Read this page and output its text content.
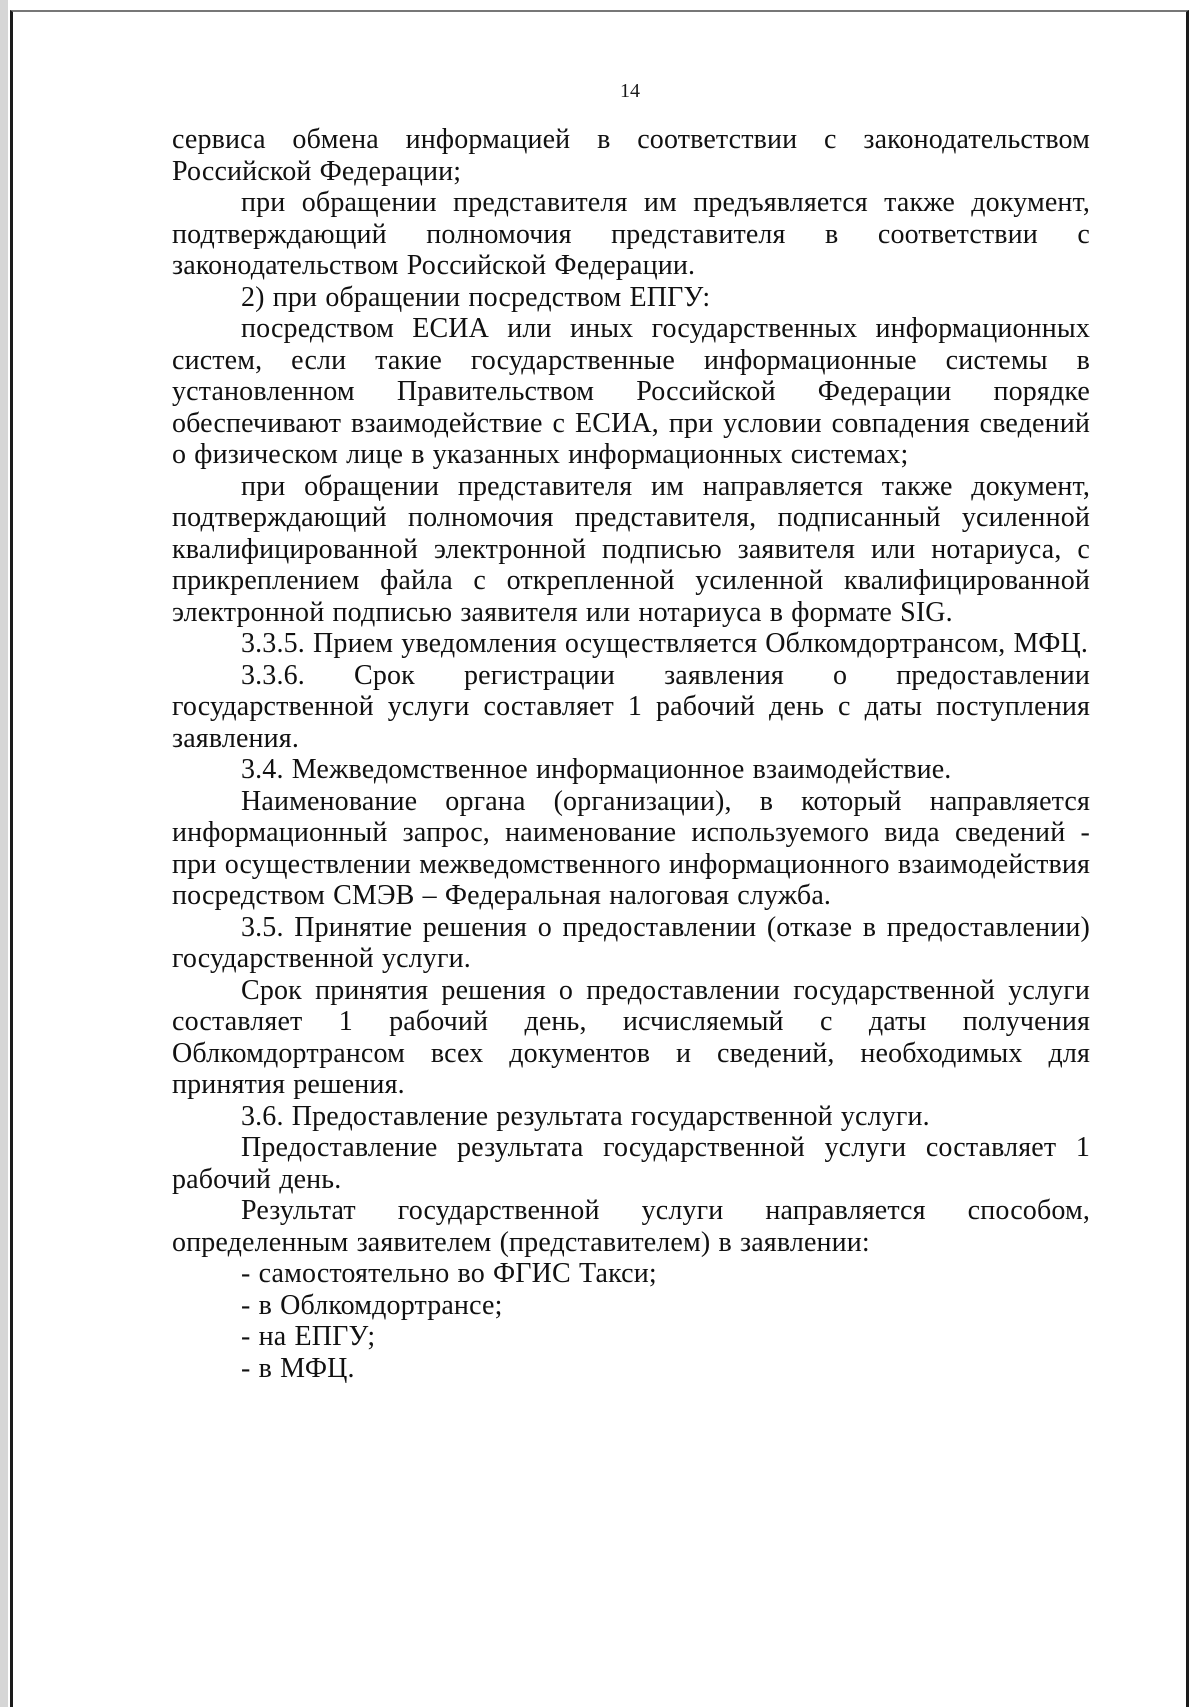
14

сервиса обмена информацией в соответствии с законодательством Российской Федерации;

при обращении представителя им предъявляется также документ, подтверждающий полномочия представителя в соответствии с законодательством Российской Федерации.

2) при обращении посредством ЕПГУ:

посредством ЕСИА или иных государственных информационных систем, если такие государственные информационные системы в установленном Правительством Российской Федерации порядке обеспечивают взаимодействие с ЕСИА, при условии совпадения сведений о физическом лице в указанных информационных системах;

при обращении представителя им направляется также документ, подтверждающий полномочия представителя, подписанный усиленной квалифицированной электронной подписью заявителя или нотариуса, с прикреплением файла с открепленной усиленной квалифицированной электронной подписью заявителя или нотариуса в формате SIG.

3.3.5. Прием уведомления осуществляется Облкомдортрансом, МФЦ.

3.3.6. Срок регистрации заявления о предоставлении государственной услуги составляет 1 рабочий день с даты поступления заявления.

3.4. Межведомственное информационное взаимодействие.

Наименование органа (организации), в который направляется информационный запрос, наименование используемого вида сведений - при осуществлении межведомственного информационного взаимодействия посредством СМЭВ – Федеральная налоговая служба.

3.5. Принятие решения о предоставлении (отказе в предоставлении) государственной услуги.

Срок принятия решения о предоставлении государственной услуги составляет 1 рабочий день, исчисляемый с даты получения Облкомдортрансом всех документов и сведений, необходимых для принятия решения.

3.6. Предоставление результата государственной услуги.

Предоставление результата государственной услуги составляет 1 рабочий день.

Результат государственной услуги направляется способом, определенным заявителем (представителем) в заявлении:

- самостоятельно во ФГИС Такси;

- в Облкомдортрансе;

- на ЕПГУ;

- в МФЦ.
